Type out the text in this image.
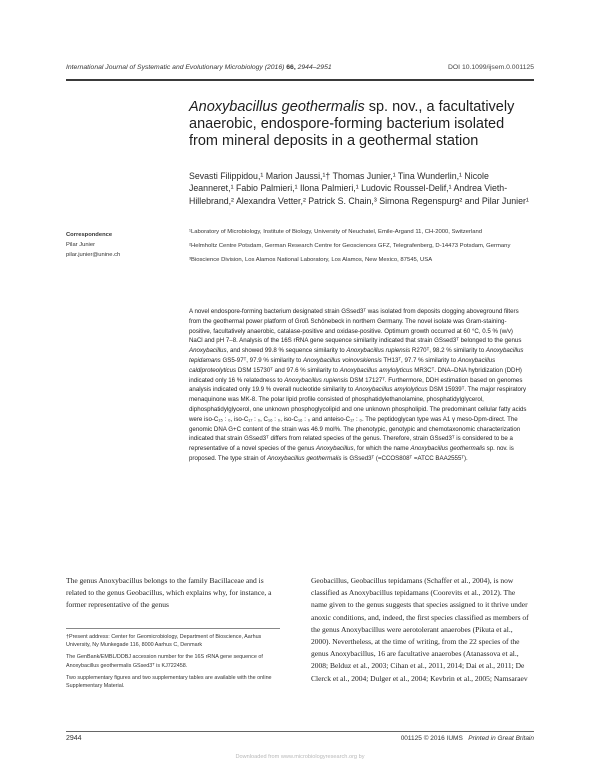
International Journal of Systematic and Evolutionary Microbiology (2016) 66, 2944–2951	DOI 10.1099/ijsem.0.001125
Anoxybacillus geothermalis sp. nov., a facultatively anaerobic, endospore-forming bacterium isolated from mineral deposits in a geothermal station
Sevasti Filippidou,¹ Marion Jaussi,¹† Thomas Junier,¹ Tina Wunderlin,¹ Nicole Jeanneret,¹ Fabio Palmieri,¹ Ilona Palmieri,¹ Ludovic Roussel-Delif,¹ Andrea Vieth-Hillebrand,² Alexandra Vetter,² Patrick S. Chain,³ Simona Regenspurg² and Pilar Junier¹
Correspondence
Pilar Junier
pilar.junier@unine.ch

¹Laboratory of Microbiology, Institute of Biology, University of Neuchatel, Emile-Argand 11, CH-2000, Switzerland

²Helmholtz Centre Potsdam, German Research Centre for Geosciences GFZ, Telegrafenberg, D-14473 Potsdam, Germany

³Bioscience Division, Los Alamos National Laboratory, Los Alamos, New Mexico, 87545, USA

A novel endospore-forming bacterium designated strain GSsed3ᵀ was isolated from deposits clogging aboveground filters from the geothermal power platform of Groß Schönebeck in northern Germany. The novel isolate was Gram-staining-positive, facultatively anaerobic, catalase-positive and oxidase-positive. Optimum growth occurred at 60 °C, 0.5 % (w/v) NaCl and pH 7–8. Analysis of the 16S rRNA gene sequence similarity indicated that strain GSsed3ᵀ belonged to the genus Anoxybacillus, and showed 99.8 % sequence similarity to Anoxybacillus rupiensis R270ᵀ, 98.2 % similarity to Anoxybacillus tepidamans GS5-97ᵀ, 97.9 % similarity to Anoxybacillus voinovskiensis TH13ᵀ, 97.7 % similarity to Anoxybacillus caldiproteolyticus DSM 15730ᵀ and 97.6 % similarity to Anoxybacillus amylolyticus MR3Cᵀ. DNA–DNA hybridization (DDH) indicated only 16 % relatedness to Anoxybacillus rupiensis DSM 17127ᵀ. Furthermore, DDH estimation based on genomes analysis indicated only 19.9 % overall nucleotide similarity to Anoxybacillus amylolyticus DSM 15939ᵀ. The major respiratory menaquinone was MK-8. The polar lipid profile consisted of phosphatidylethanolamine, phosphatidylglycerol, diphosphatidylglycerol, one unknown phosphoglycolipid and one unknown phospholipid. The predominant cellular fatty acids were iso-C₁₅ : ₀, iso-C₁₇ : ₀, C₁₆ : ₀, iso-C₁₆ : ₀ and anteiso-C₁₇ : ₀. The peptidoglycan type was A1 γ meso-Dpm-direct. The genomic DNA G+C content of the strain was 46.9 mol%. The phenotypic, genotypic and chemotaxonomic characterization indicated that strain GSsed3ᵀ differs from related species of the genus. Therefore, strain GSsed3ᵀ is considered to be a representative of a novel species of the genus Anoxybacillus, for which the name Anoxybacillus geothermalis sp. nov. is proposed. The type strain of Anoxybacillus geothermalis is GSsed3ᵀ (=CCOS808ᵀ =ATCC BAA2555ᵀ).
The genus Anoxybacillus belongs to the family Bacillaceae and is related to the genus Geobacillus, which explains why, for instance, a former representative of the genus
Geobacillus, Geobacillus tepidamans (Schaffer et al., 2004), is now classified as Anoxybacillus tepidamans (Coorevits et al., 2012). The name given to the genus suggests that species assigned to it thrive under anoxic conditions, and, indeed, the first species classified as members of the genus Anoxybacillus were aerotolerant anaerobes (Pikuta et al., 2000). Nevertheless, at the time of writing, from the 22 species of the genus Anoxybacillus, 16 are facultative anaerobes (Atanassova et al., 2008; Belduz et al., 2003; Cihan et al., 2011, 2014; Dai et al., 2011; De Clerck et al., 2004; Dulger et al., 2004; Kevbrin et al., 2005; Namsaraev

†Present address: Center for Geomicrobiology, Department of Bioscience, Aarhus University, Ny Munkegade 116, 8000 Aarhus C, Denmark

The GenBank/EMBL/DDBJ accession number for the 16S rRNA gene sequence of Anoxybacillus geothermalis GSsed3ᵀ is KJ722458.

Two supplementary figures and two supplementary tables are available with the online Supplementary Material.

2944	001125 © 2016 IUMS Printed in Great Britain
Downloaded from www.microbiologyresearch.org by
